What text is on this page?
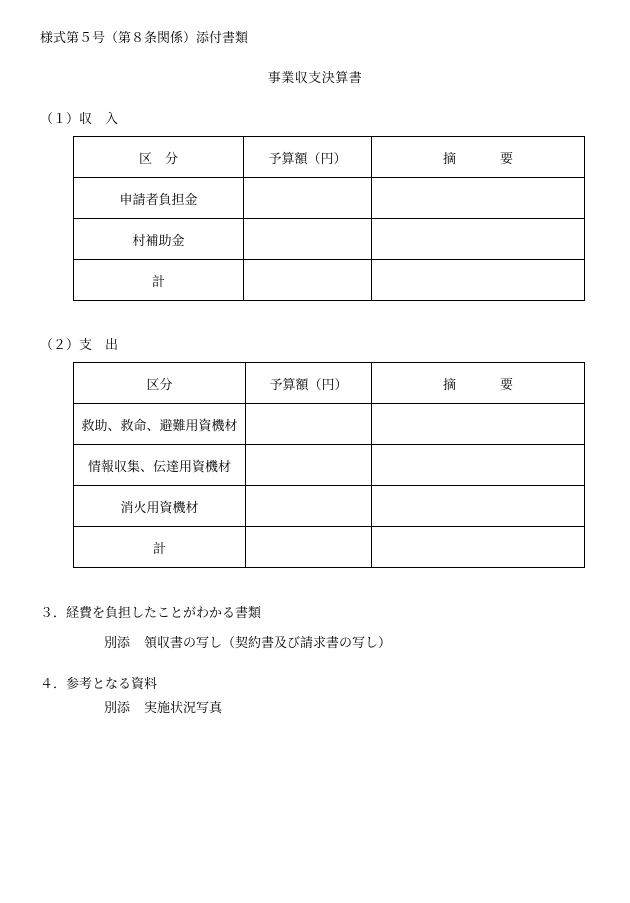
様式第５号（第８条関係）添付書類
事業収支決算書
（１）収　入
区　分	予算額（円）	摘 要
申請者負担金		
村補助金		
計		
（２）支　出
区分	予算額（円）	摘 要
救助、救命、避難用資機材		
情報収集、伝達用資機材		
消火用資機材		
計		
３．経費を負担したことがわかる書類
別添 領収書の写し（契約書及び請求書の写し）
４．参考となる資料
別添 実施状況写真
